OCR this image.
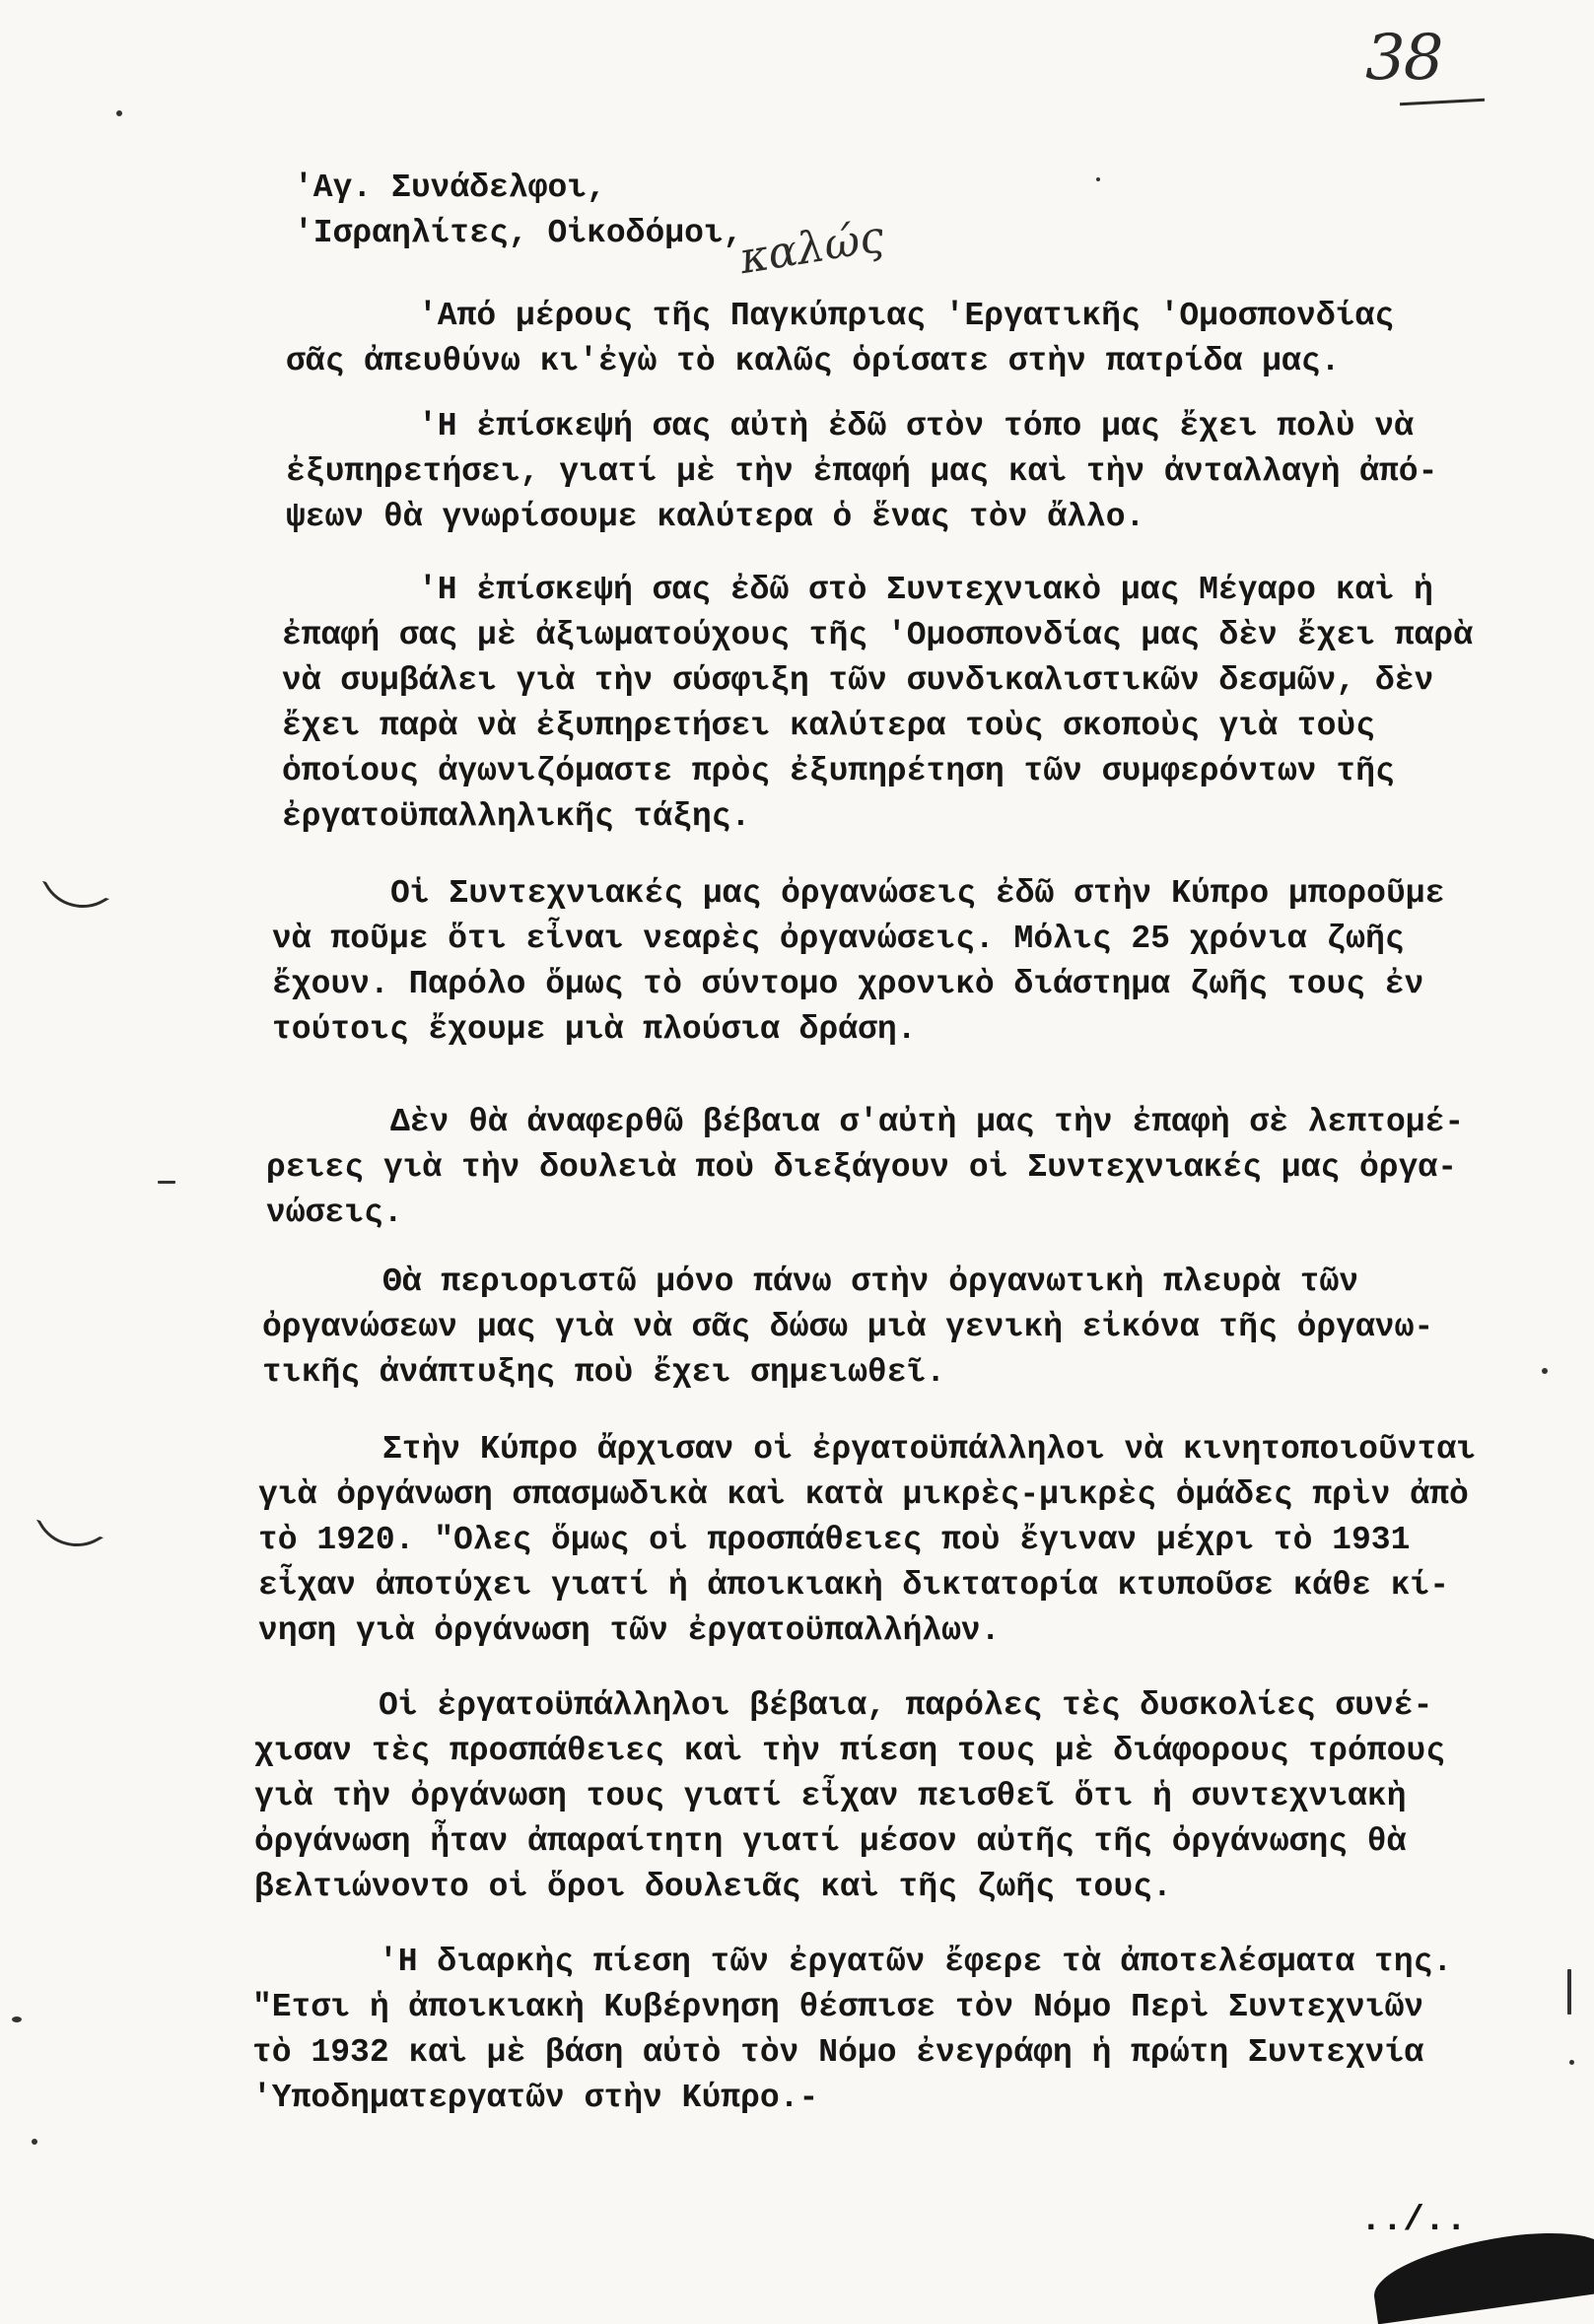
38
καλώς
'Αγ. Συνάδελφοι,
'Ισραηλίτες, Οἰκοδόμοι,
'Από μέρους τῆς Παγκύπριας 'Εργατικῆς 'Ομοσπονδίας
σᾶς ἀπευθύνω κι'ἐγὼ τὸ καλῶς ὁρίσατε στὴν πατρίδα μας.
'Η ἐπίσκεψή σας αὐτὴ ἐδῶ στὸν τόπο μας ἔχει πολὺ νὰ
ἐξυπηρετήσει, γιατί μὲ τὴν ἐπαφή μας καὶ τὴν ἀνταλλαγὴ ἀπό-
ψεων θὰ γνωρίσουμε καλύτερα ὁ ἕνας τὸν ἄλλο.
'Η ἐπίσκεψή σας ἐδῶ στὸ Συντεχνιακὸ μας Μέγαρο καὶ ἡ
ἐπαφή σας μὲ ἀξιωματούχους τῆς 'Ομοσπονδίας μας δὲν ἔχει παρὰ
νὰ συμβάλει γιὰ τὴν σύσφιξη τῶν συνδικαλιστικῶν δεσμῶν, δὲν
ἔχει παρὰ νὰ ἐξυπηρετήσει καλύτερα τοὺς σκοποὺς γιὰ τοὺς
ὁποίους ἀγωνιζόμαστε πρὸς ἐξυπηρέτηση τῶν συμφερόντων τῆς
ἐργατοϋπαλληλικῆς τάξης.
Οἱ Συντεχνιακές μας ὀργανώσεις ἐδῶ στὴν Κύπρο μποροῦμε
νὰ ποῦμε ὅτι εἶναι νεαρὲς ὀργανώσεις. Μόλις 25 χρόνια ζωῆς
ἔχουν. Παρόλο ὅμως τὸ σύντομο χρονικὸ διάστημα ζωῆς τους ἐν
τούτοις ἔχουμε μιὰ πλούσια δράση.
Δὲν θὰ ἀναφερθῶ βέβαια σ'αὐτὴ μας τὴν ἐπαφὴ σὲ λεπτομέ-
ρειες γιὰ τὴν δουλειὰ ποὺ διεξάγουν οἱ Συντεχνιακές μας ὀργα-
νώσεις.
Θὰ περιοριστῶ μόνο πάνω στὴν ὀργανωτικὴ πλευρὰ τῶν
ὀργανώσεων μας γιὰ νὰ σᾶς δώσω μιὰ γενικὴ εἰκόνα τῆς ὀργανω-
τικῆς ἀνάπτυξης ποὺ ἔχει σημειωθεῖ.
Στὴν Κύπρο ἄρχισαν οἱ ἐργατοϋπάλληλοι νὰ κινητοποιοῦνται
γιὰ ὀργάνωση σπασμωδικὰ καὶ κατὰ μικρὲς-μικρὲς ὁμάδες πρὶν ἀπὸ
τὸ 1920. "Ολες ὅμως οἱ προσπάθειες ποὺ ἔγιναν μέχρι τὸ 1931
εἶχαν ἀποτύχει γιατί ἡ ἀποικιακὴ δικτατορία κτυποῦσε κάθε κί-
νηση γιὰ ὀργάνωση τῶν ἐργατοϋπαλλήλων.
Οἱ ἐργατοϋπάλληλοι βέβαια, παρόλες τὲς δυσκολίες συνέ-
χισαν τὲς προσπάθειες καὶ τὴν πίεση τους μὲ διάφορους τρόπους
γιὰ τὴν ὀργάνωση τους γιατί εἶχαν πεισθεῖ ὅτι ἡ συντεχνιακὴ
ὀργάνωση ἦταν ἀπαραίτητη γιατί μέσον αὐτῆς τῆς ὀργάνωσης θὰ
βελτιώνοντο οἱ ὅροι δουλειᾶς καὶ τῆς ζωῆς τους.
'Η διαρκὴς πίεση τῶν ἐργατῶν ἔφερε τὰ ἀποτελέσματα της.
"Ετσι ἡ ἀποικιακὴ Κυβέρνηση θέσπισε τὸν Νόμο Περὶ Συντεχνιῶν
τὸ 1932 καὶ μὲ βάση αὐτὸ τὸν Νόμο ἐνεγράφη ἡ πρώτη Συντεχνία
'Υποδηματεργατῶν στὴν Κύπρο.-
../..
